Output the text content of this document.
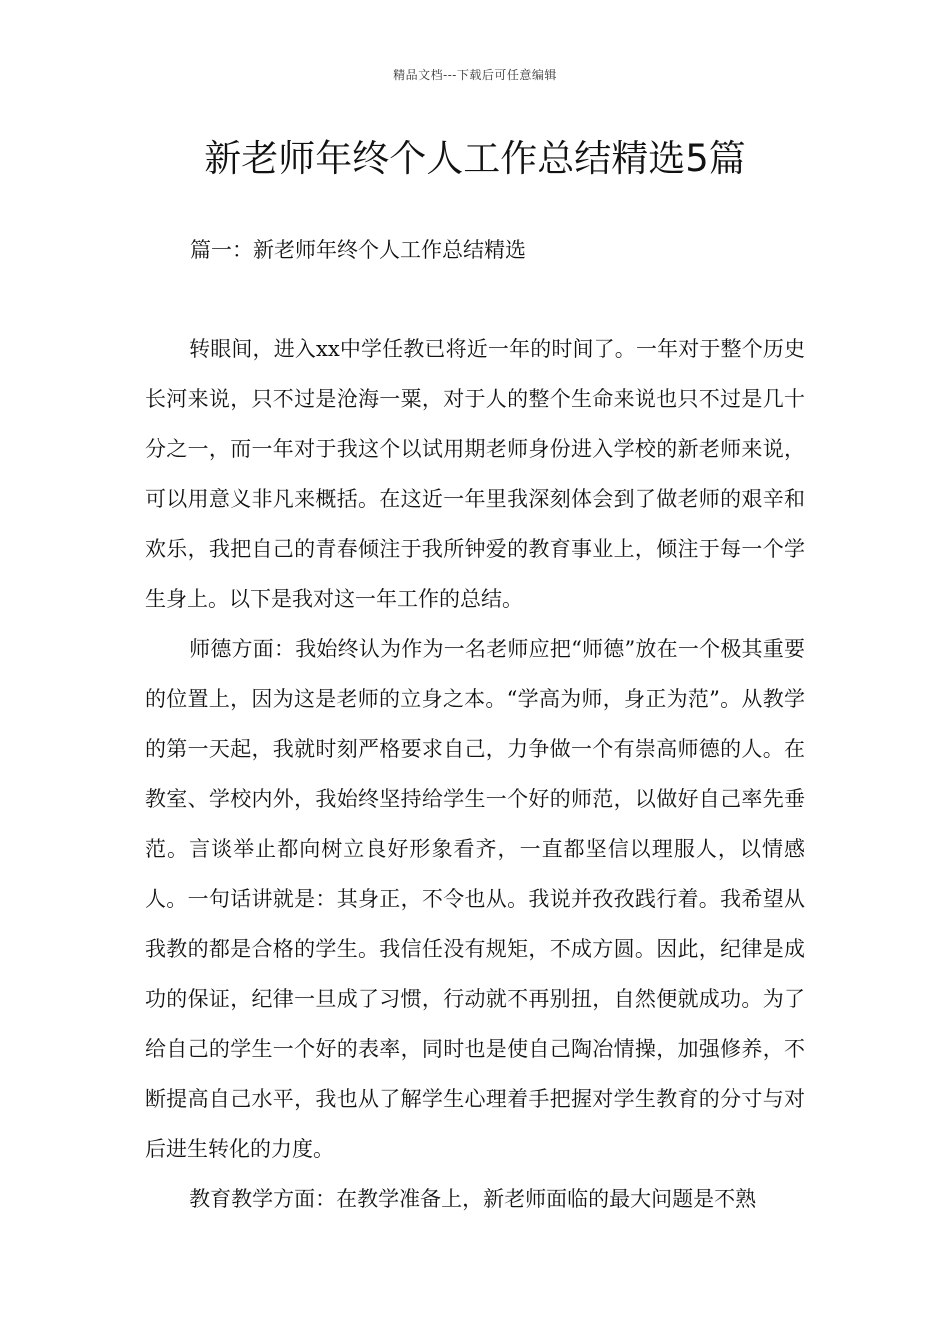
精品文档---下载后可任意编辑
新老师年终个人工作总结精选5篇
篇一：新老师年终个人工作总结精选

转眼间，进入xx中学任教已将近一年的时间了。一年对于整个历史长河来说，只不过是沧海一粟，对于人的整个生命来说也只不过是几十分之一，而一年对于我这个以试用期老师身份进入学校的新老师来说，可以用意义非凡来概括。在这近一年里我深刻体会到了做老师的艰辛和欢乐，我把自己的青春倾注于我所钟爱的教育事业上，倾注于每一个学生身上。以下是我对这一年工作的总结。

师德方面：我始终认为作为一名老师应把“师德”放在一个极其重要的位置上，因为这是老师的立身之本。“学高为师，身正为范”。从教学的第一天起，我就时刻严格要求自己，力争做一个有崇高师德的人。在教室、学校内外，我始终坚持给学生一个好的师范，以做好自己率先垂范。言谈举止都向树立良好形象看齐，一直都坚信以理服人，以情感人。一句话讲就是：其身正，不令也从。我说并孜孜践行着。我希望从我教的都是合格的学生。我信任没有规矩，不成方圆。因此，纪律是成功的保证，纪律一旦成了习惯，行动就不再别扭，自然便就成功。为了给自己的学生一个好的表率，同时也是使自己陶冶情操，加强修养，不断提高自己水平，我也从了解学生心理着手把握对学生教育的分寸与对后进生转化的力度。

教育教学方面：在教学准备上，新老师面临的最大问题是不熟
